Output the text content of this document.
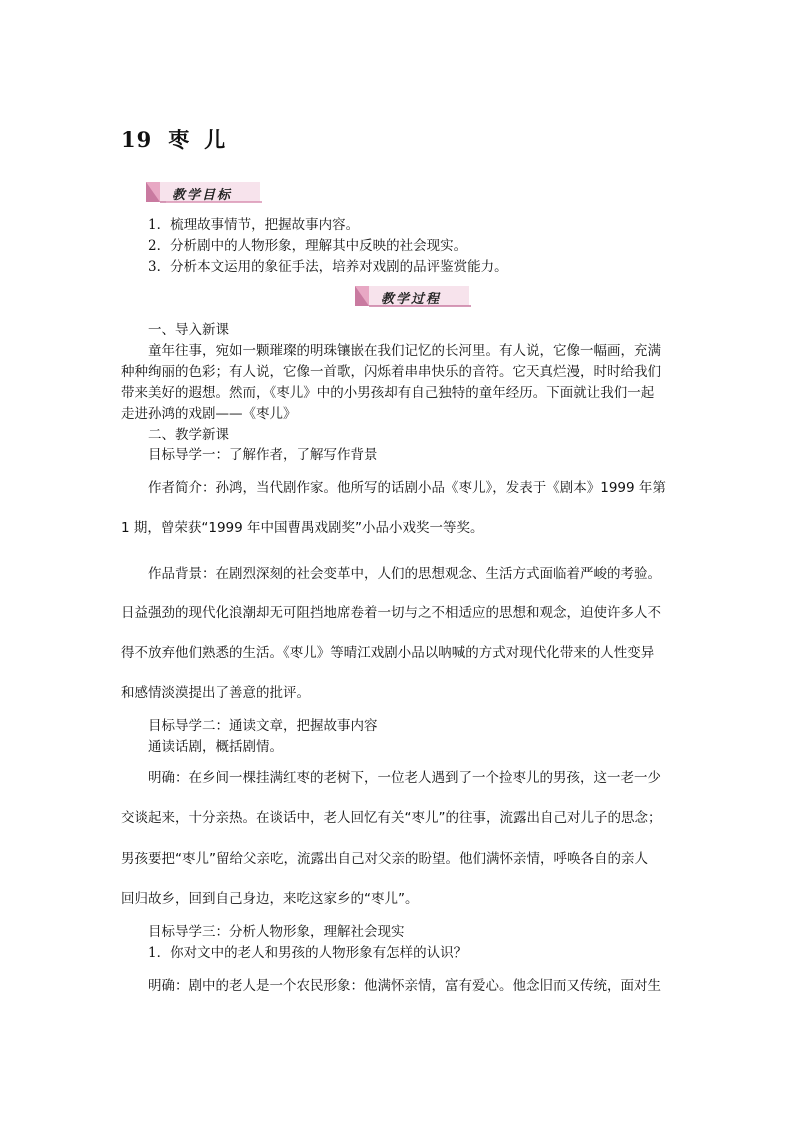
19 枣 儿
教学目标
1．梳理故事情节，把握故事内容。
2．分析剧中的人物形象，理解其中反映的社会现实。
3．分析本文运用的象征手法，培养对戏剧的品评鉴赏能力。
教学过程
一、导入新课
童年往事，宛如一颗璀璨的明珠镶嵌在我们记忆的长河里。有人说，它像一幅画，充满
种种绚丽的色彩；有人说，它像一首歌，闪烁着串串快乐的音符。它天真烂漫，时时给我们
带来美好的遐想。然而，《枣儿》中的小男孩却有自己独特的童年经历。下面就让我们一起
走进孙鸿的戏剧——《枣儿》
二、教学新课
目标导学一：了解作者，了解写作背景
作者简介：孙鸿，当代剧作家。他所写的话剧小品《枣儿》，发表于《剧本》1999 年第
1 期，曾荣获“1999 年中国曹禺戏剧奖”小品小戏奖一等奖。
作品背景：在剧烈深刻的社会变革中，人们的思想观念、生活方式面临着严峻的考验。
日益强劲的现代化浪潮却无可阻挡地席卷着一切与之不相适应的思想和观念，迫使许多人不
得不放弃他们熟悉的生活。《枣儿》等晴江戏剧小品以呐喊的方式对现代化带来的人性变异
和感情淡漠提出了善意的批评。
目标导学二：通读文章，把握故事内容
通读话剧，概括剧情。
明确：在乡间一棵挂满红枣的老树下，一位老人遇到了一个捡枣儿的男孩，这一老一少
交谈起来，十分亲热。在谈话中，老人回忆有关“枣儿”的往事，流露出自己对儿子的思念；
男孩要把“枣儿”留给父亲吃，流露出自己对父亲的盼望。他们满怀亲情，呼唤各自的亲人
回归故乡，回到自己身边，来吃这家乡的“枣儿”。
目标导学三：分析人物形象，理解社会现实
1．你对文中的老人和男孩的人物形象有怎样的认识？
明确：剧中的老人是一个农民形象：他满怀亲情，富有爱心。他念旧而又传统，面对生
